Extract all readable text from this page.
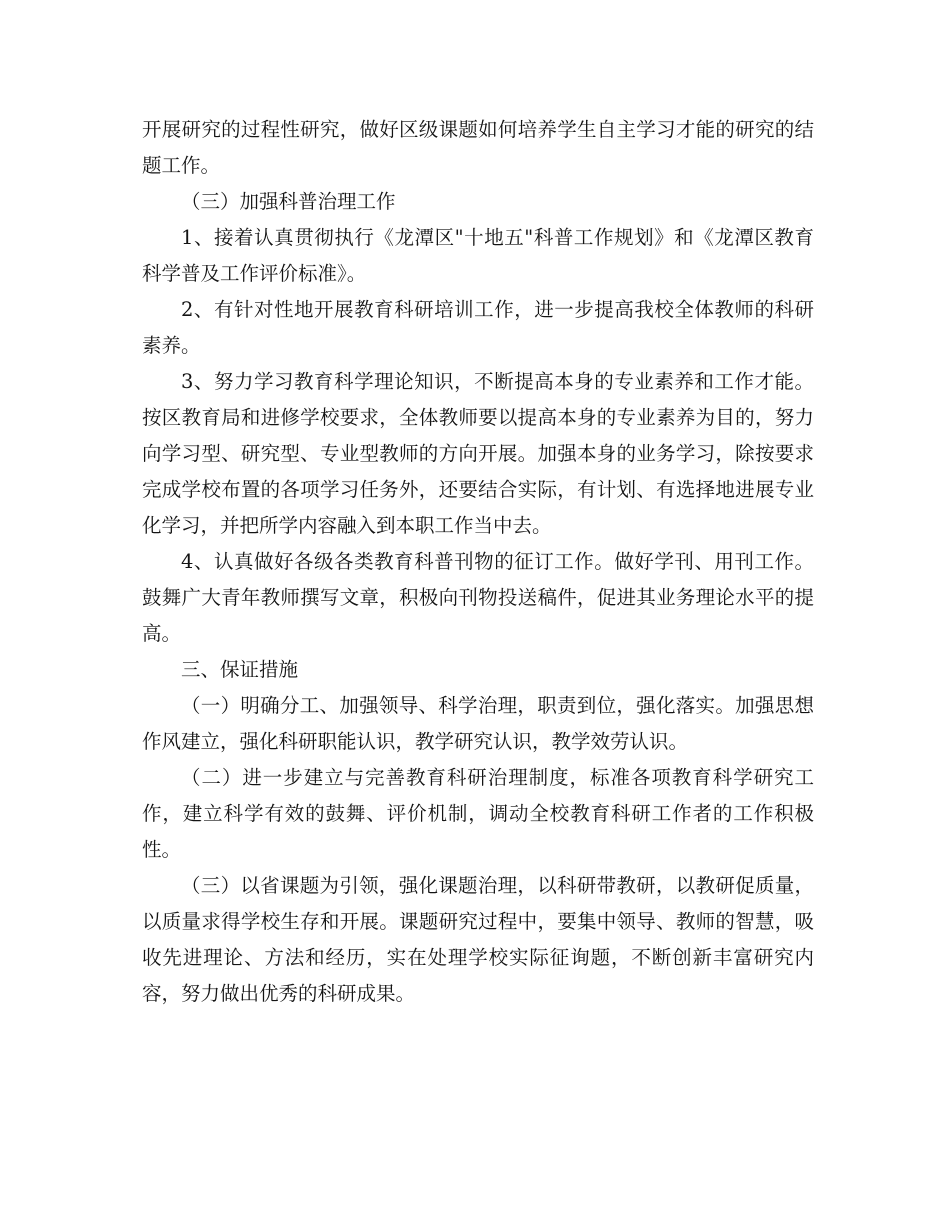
开展研究的过程性研究，做好区级课题如何培养学生自主学习才能的研究的结题工作。

（三）加强科普治理工作

1、接着认真贯彻执行《龙潭区"十地五"科普工作规划》和《龙潭区教育科学普及工作评价标准》。

2、有针对性地开展教育科研培训工作，进一步提高我校全体教师的科研素养。

3、努力学习教育科学理论知识，不断提高本身的专业素养和工作才能。按区教育局和进修学校要求，全体教师要以提高本身的专业素养为目的，努力向学习型、研究型、专业型教师的方向开展。加强本身的业务学习，除按要求完成学校布置的各项学习任务外，还要结合实际，有计划、有选择地进展专业化学习，并把所学内容融入到本职工作当中去。

4、认真做好各级各类教育科普刊物的征订工作。做好学刊、用刊工作。鼓舞广大青年教师撰写文章，积极向刊物投送稿件，促进其业务理论水平的提高。

三、保证措施

（一）明确分工、加强领导、科学治理，职责到位，强化落实。加强思想作风建立，强化科研职能认识，教学研究认识，教学效劳认识。

（二）进一步建立与完善教育科研治理制度，标准各项教育科学研究工作，建立科学有效的鼓舞、评价机制，调动全校教育科研工作者的工作积极性。

（三）以省课题为引领，强化课题治理，以科研带教研，以教研促质量，以质量求得学校生存和开展。课题研究过程中，要集中领导、教师的智慧，吸收先进理论、方法和经历，实在处理学校实际征询题，不断创新丰富研究内容，努力做出优秀的科研成果。
